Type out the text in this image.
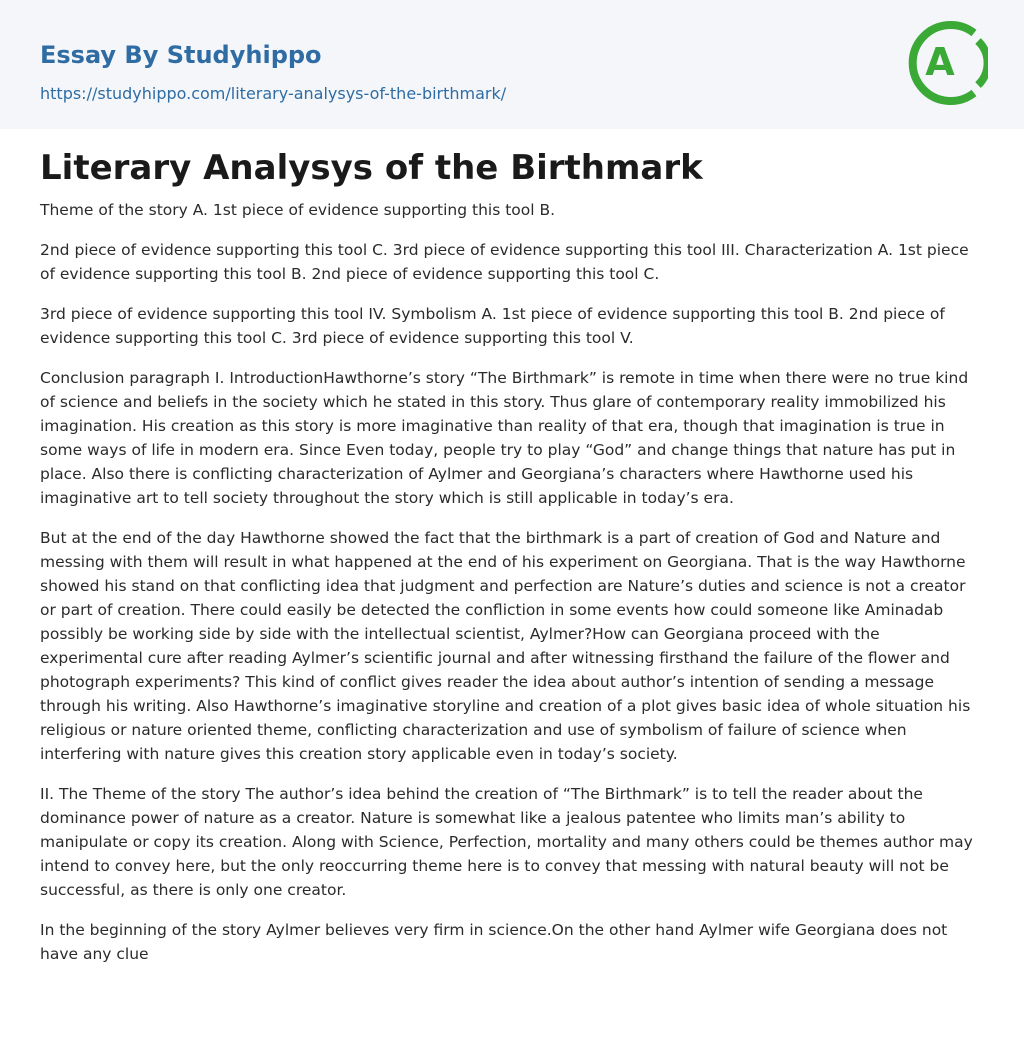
Essay By Studyhippo
https://studyhippo.com/literary-analysys-of-the-birthmark/
A
Literary Analysys of the Birthmark

Theme of the story A. 1st piece of evidence supporting this tool B.

2nd piece of evidence supporting this tool C. 3rd piece of evidence supporting this tool III. Characterization A. 1st piece of evidence supporting this tool B. 2nd piece of evidence supporting this tool C.

3rd piece of evidence supporting this tool IV. Symbolism A. 1st piece of evidence supporting this tool B. 2nd piece of evidence supporting this tool C. 3rd piece of evidence supporting this tool V.

Conclusion paragraph I. IntroductionHawthorne’s story “The Birthmark” is remote in time when there were no true kind of science and beliefs in the society which he stated in this story. Thus glare of contemporary reality immobilized his imagination. His creation as this story is more imaginative than reality of that era, though that imagination is true in some ways of life in modern era. Since Even today, people try to play “God” and change things that nature has put in place. Also there is conflicting characterization of Aylmer and Georgiana’s characters where Hawthorne used his imaginative art to tell society throughout the story which is still applicable in today’s era.

But at the end of the day Hawthorne showed the fact that the birthmark is a part of creation of God and Nature and messing with them will result in what happened at the end of his experiment on Georgiana. That is the way Hawthorne showed his stand on that conflicting idea that judgment and perfection are Nature’s duties and science is not a creator or part of creation. There could easily be detected the confliction in some events how could someone like Aminadab possibly be working side by side with the intellectual scientist, Aylmer?How can Georgiana proceed with the experimental cure after reading Aylmer’s scientific journal and after witnessing firsthand the failure of the flower and photograph experiments? This kind of conflict gives reader the idea about author’s intention of sending a message through his writing. Also Hawthorne’s imaginative storyline and creation of a plot gives basic idea of whole situation his religious or nature oriented theme, conflicting characterization and use of symbolism of failure of science when interfering with nature gives this creation story applicable even in today’s society.

II. The Theme of the story The author’s idea behind the creation of “The Birthmark” is to tell the reader about the dominance power of nature as a creator. Nature is somewhat like a jealous patentee who limits man’s ability to manipulate or copy its creation. Along with Science, Perfection, mortality and many others could be themes author may intend to convey here, but the only reoccurring theme here is to convey that messing with natural beauty will not be successful, as there is only one creator.

In the beginning of the story Aylmer believes very firm in science.On the other hand Aylmer wife Georgiana does not have any clue
